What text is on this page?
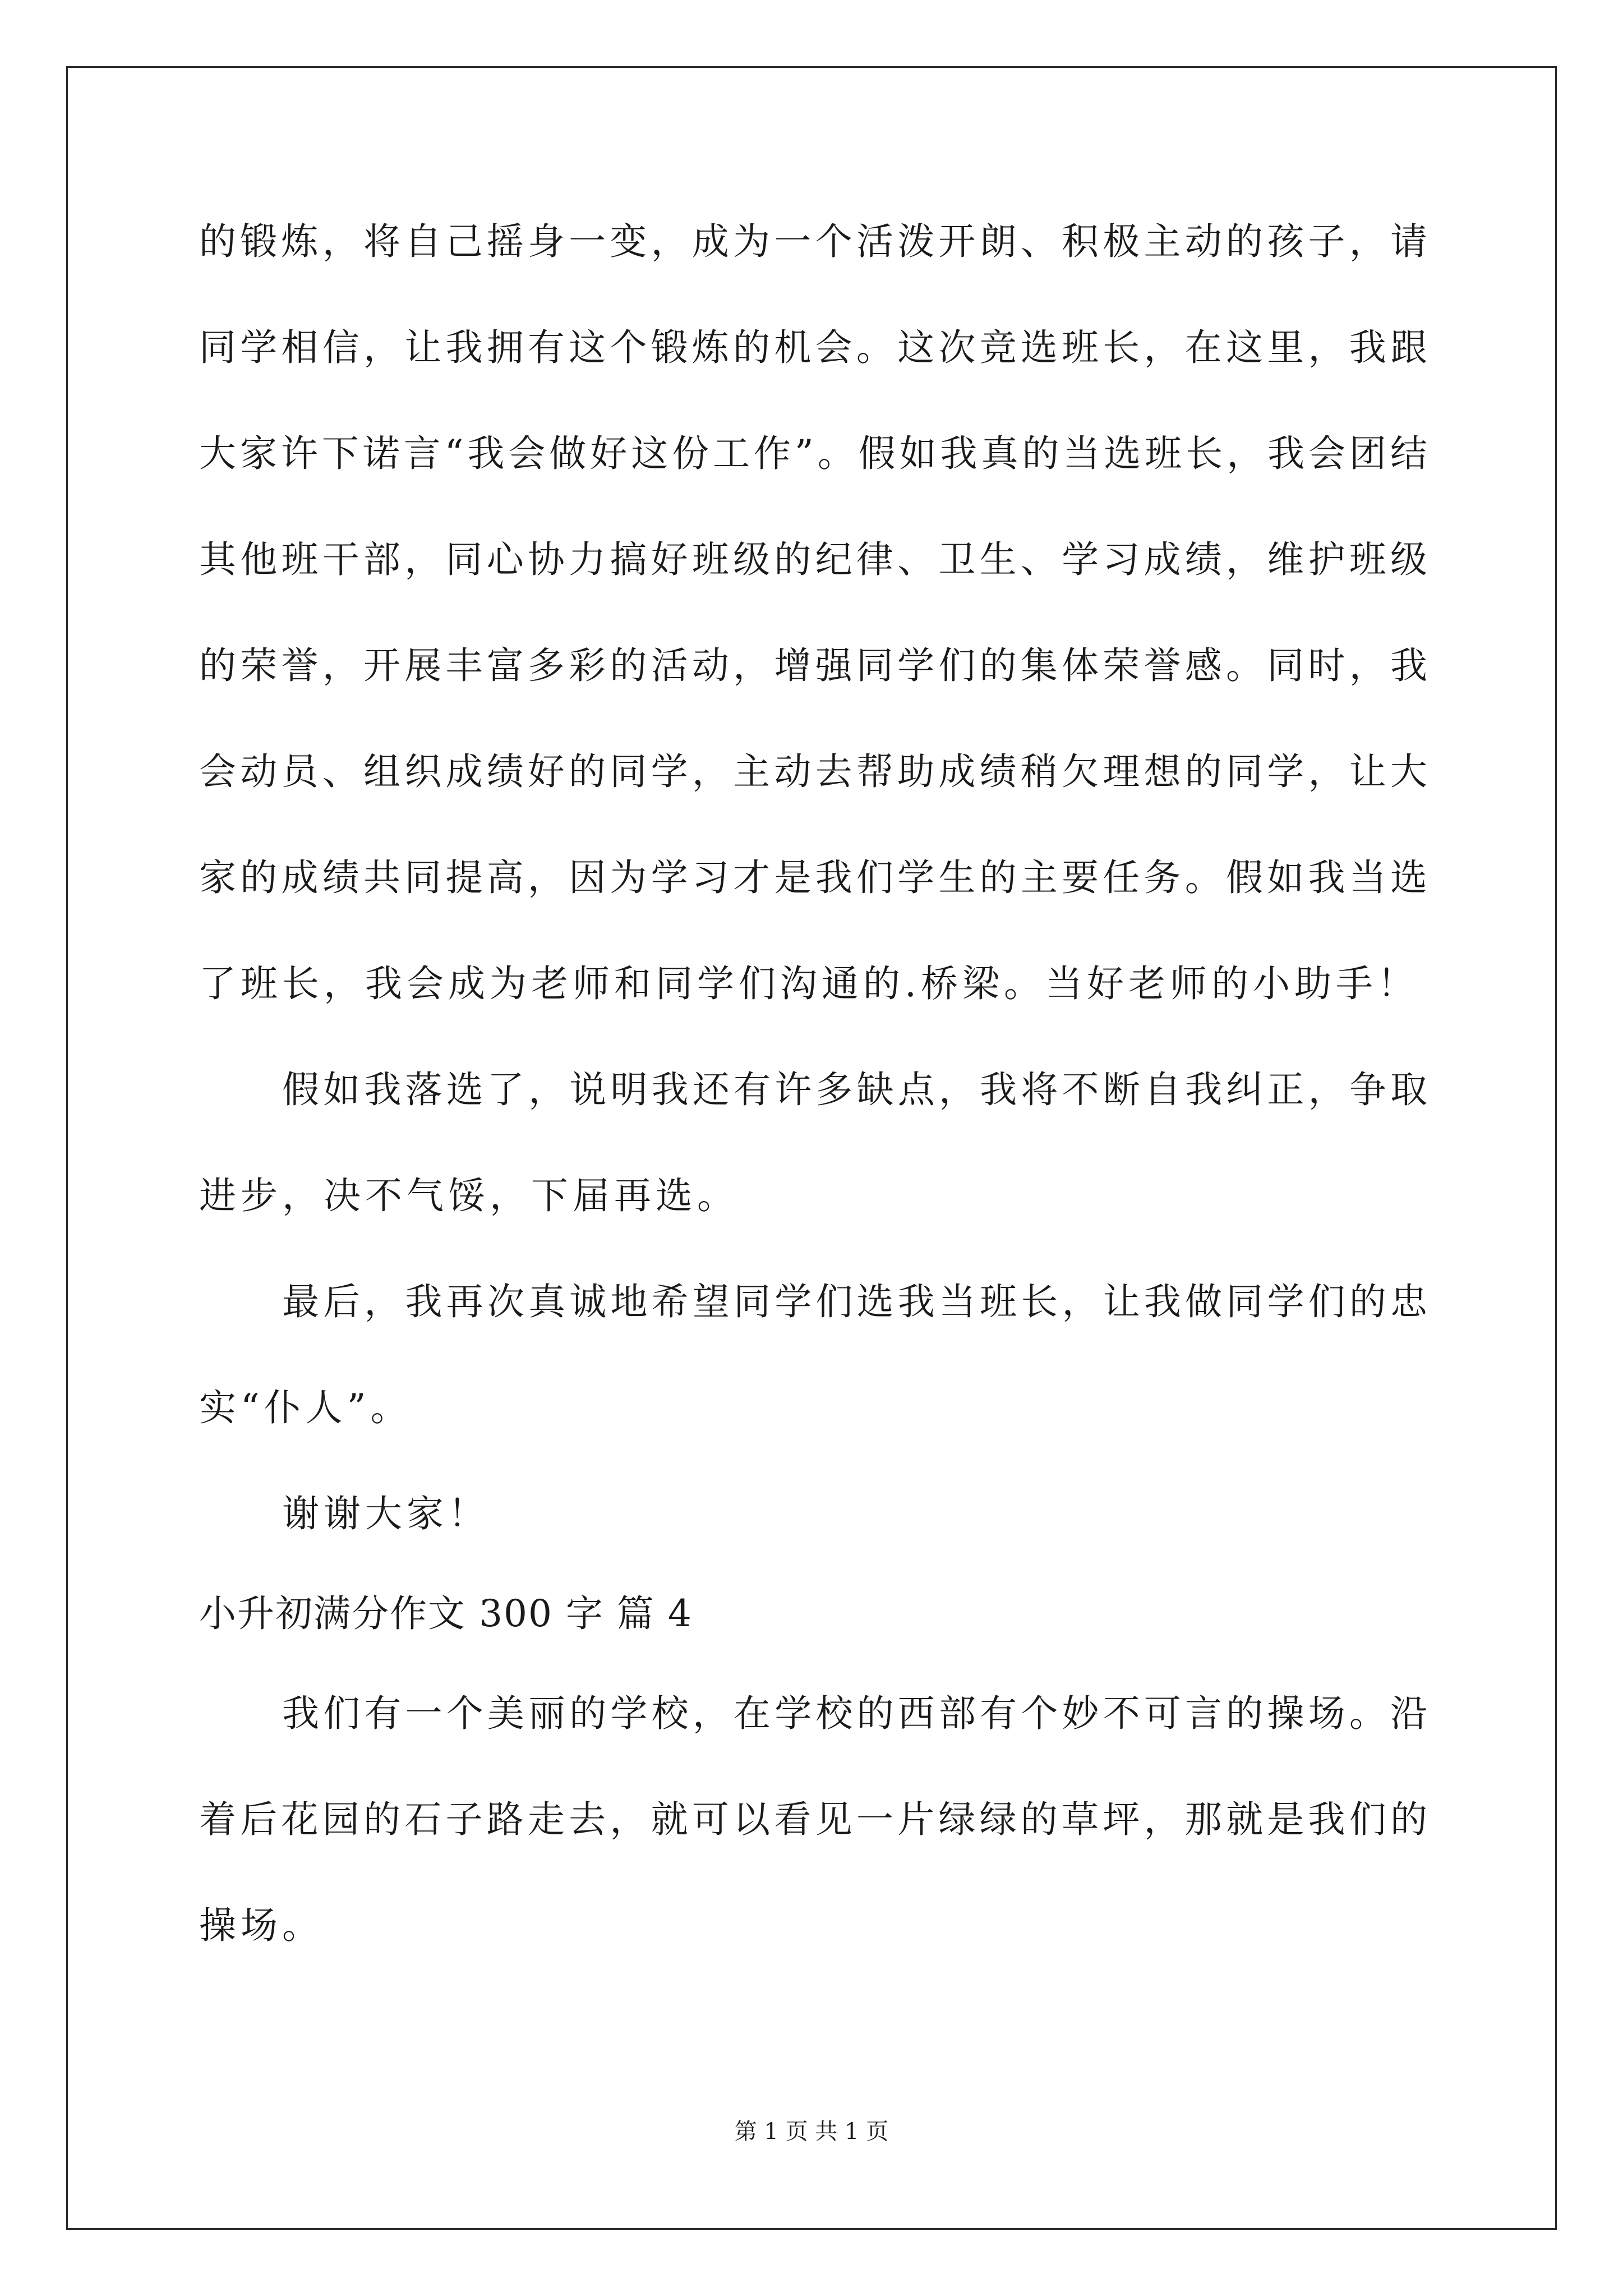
的锻炼，将自己摇身一变，成为一个活泼开朗、积极主动的孩子，请
同学相信，让我拥有这个锻炼的机会。这次竞选班长，在这里，我跟
大家许下诺言“我会做好这份工作”。假如我真的当选班长，我会团结
其他班干部，同心协力搞好班级的纪律、卫生、学习成绩，维护班级
的荣誉，开展丰富多彩的活动，增强同学们的集体荣誉感。同时，我
会动员、组织成绩好的同学，主动去帮助成绩稍欠理想的同学，让大
家的成绩共同提高，因为学习才是我们学生的主要任务。假如我当选
了班长，我会成为老师和同学们沟通的.桥梁。当好老师的小助手！
假如我落选了，说明我还有许多缺点，我将不断自我纠正，争取
进步，决不气馁，下届再选。
最后，我再次真诚地希望同学们选我当班长，让我做同学们的忠
实“仆人”。
谢谢大家！
小升初满分作文 300 字 篇 4
我们有一个美丽的学校，在学校的西部有个妙不可言的操场。沿
着后花园的石子路走去，就可以看见一片绿绿的草坪，那就是我们的
操场。
第 1 页 共 1 页
